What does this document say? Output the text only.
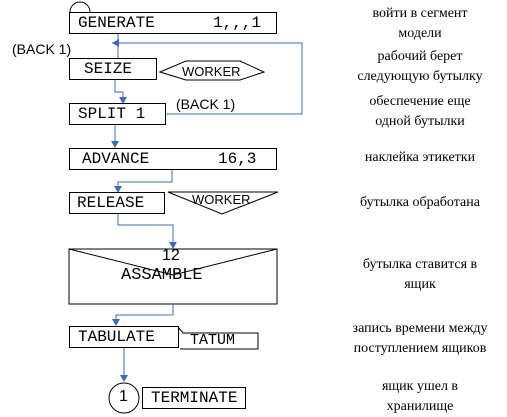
GENERATE	1,,,1
(BACK 1)
SEIZE	WORKER
SPLIT 1
(BACK 1)
ADVANCE	16,3
RELEASE	WORKER
12
ASSAMBLE
TABULATE TATUM
1 TERMINATE
войти в сегмент
модели
рабочий берет
следующую бутылку
обеспечение еще
одной бутылки
наклейка этикетки
бутылка обработана
бутылка ставится в
ящик
запись времени между
поступлением ящиков
ящик ушел в
хранилище
